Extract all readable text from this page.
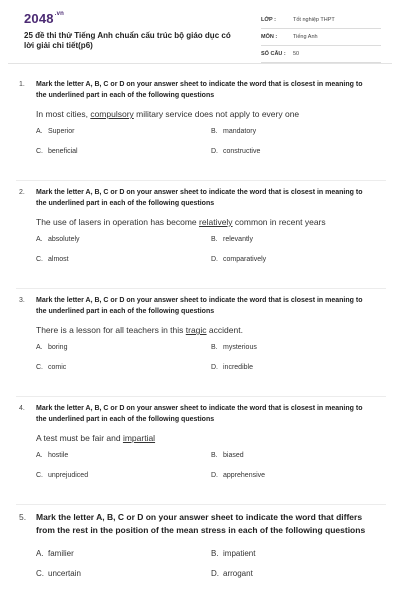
$2048^{.vn}$
25 đề thi thử Tiếng Anh chuẩn cấu trúc bộ giáo dục có lời giải chi tiết(p6)
LỚP :	Tốt nghiệp THPT
MÔN :	Tiếng Anh
SỐ CÂU : 50
1. Mark the letter A, B, C or D on your answer sheet to indicate the word that is closest in meaning to the underlined part in each of the following questions
In most cities, compulsory military service does not apply to every one
A. Superior	B. mandatory
C. beneficial	D. constructive
2. Mark the letter A, B, C or D on your answer sheet to indicate the word that is closest in meaning to the underlined part in each of the following questions
The use of lasers in operation has become relatively common in recent years
A. absolutely	B. relevantly
C. almost	D. comparatively
3. Mark the letter A, B, C or D on your answer sheet to indicate the word that is closest in meaning to the underlined part in each of the following questions
There is a lesson for all teachers in this tragic accident.
A. boring	B. mysterious
C. comic	D. incredible
4. Mark the letter A, B, C or D on your answer sheet to indicate the word that is closest in meaning to the underlined part in each of the following questions
A test must be fair and impartial
A. hostile	B. biased
C. unprejudiced	D. apprehensive
5. Mark the letter A, B, C or D on your answer sheet to indicate the word that differs from the rest in the position of the mean stress in each of the following questions
A. familier	B. impatient
C. uncertain	D. arrogant
